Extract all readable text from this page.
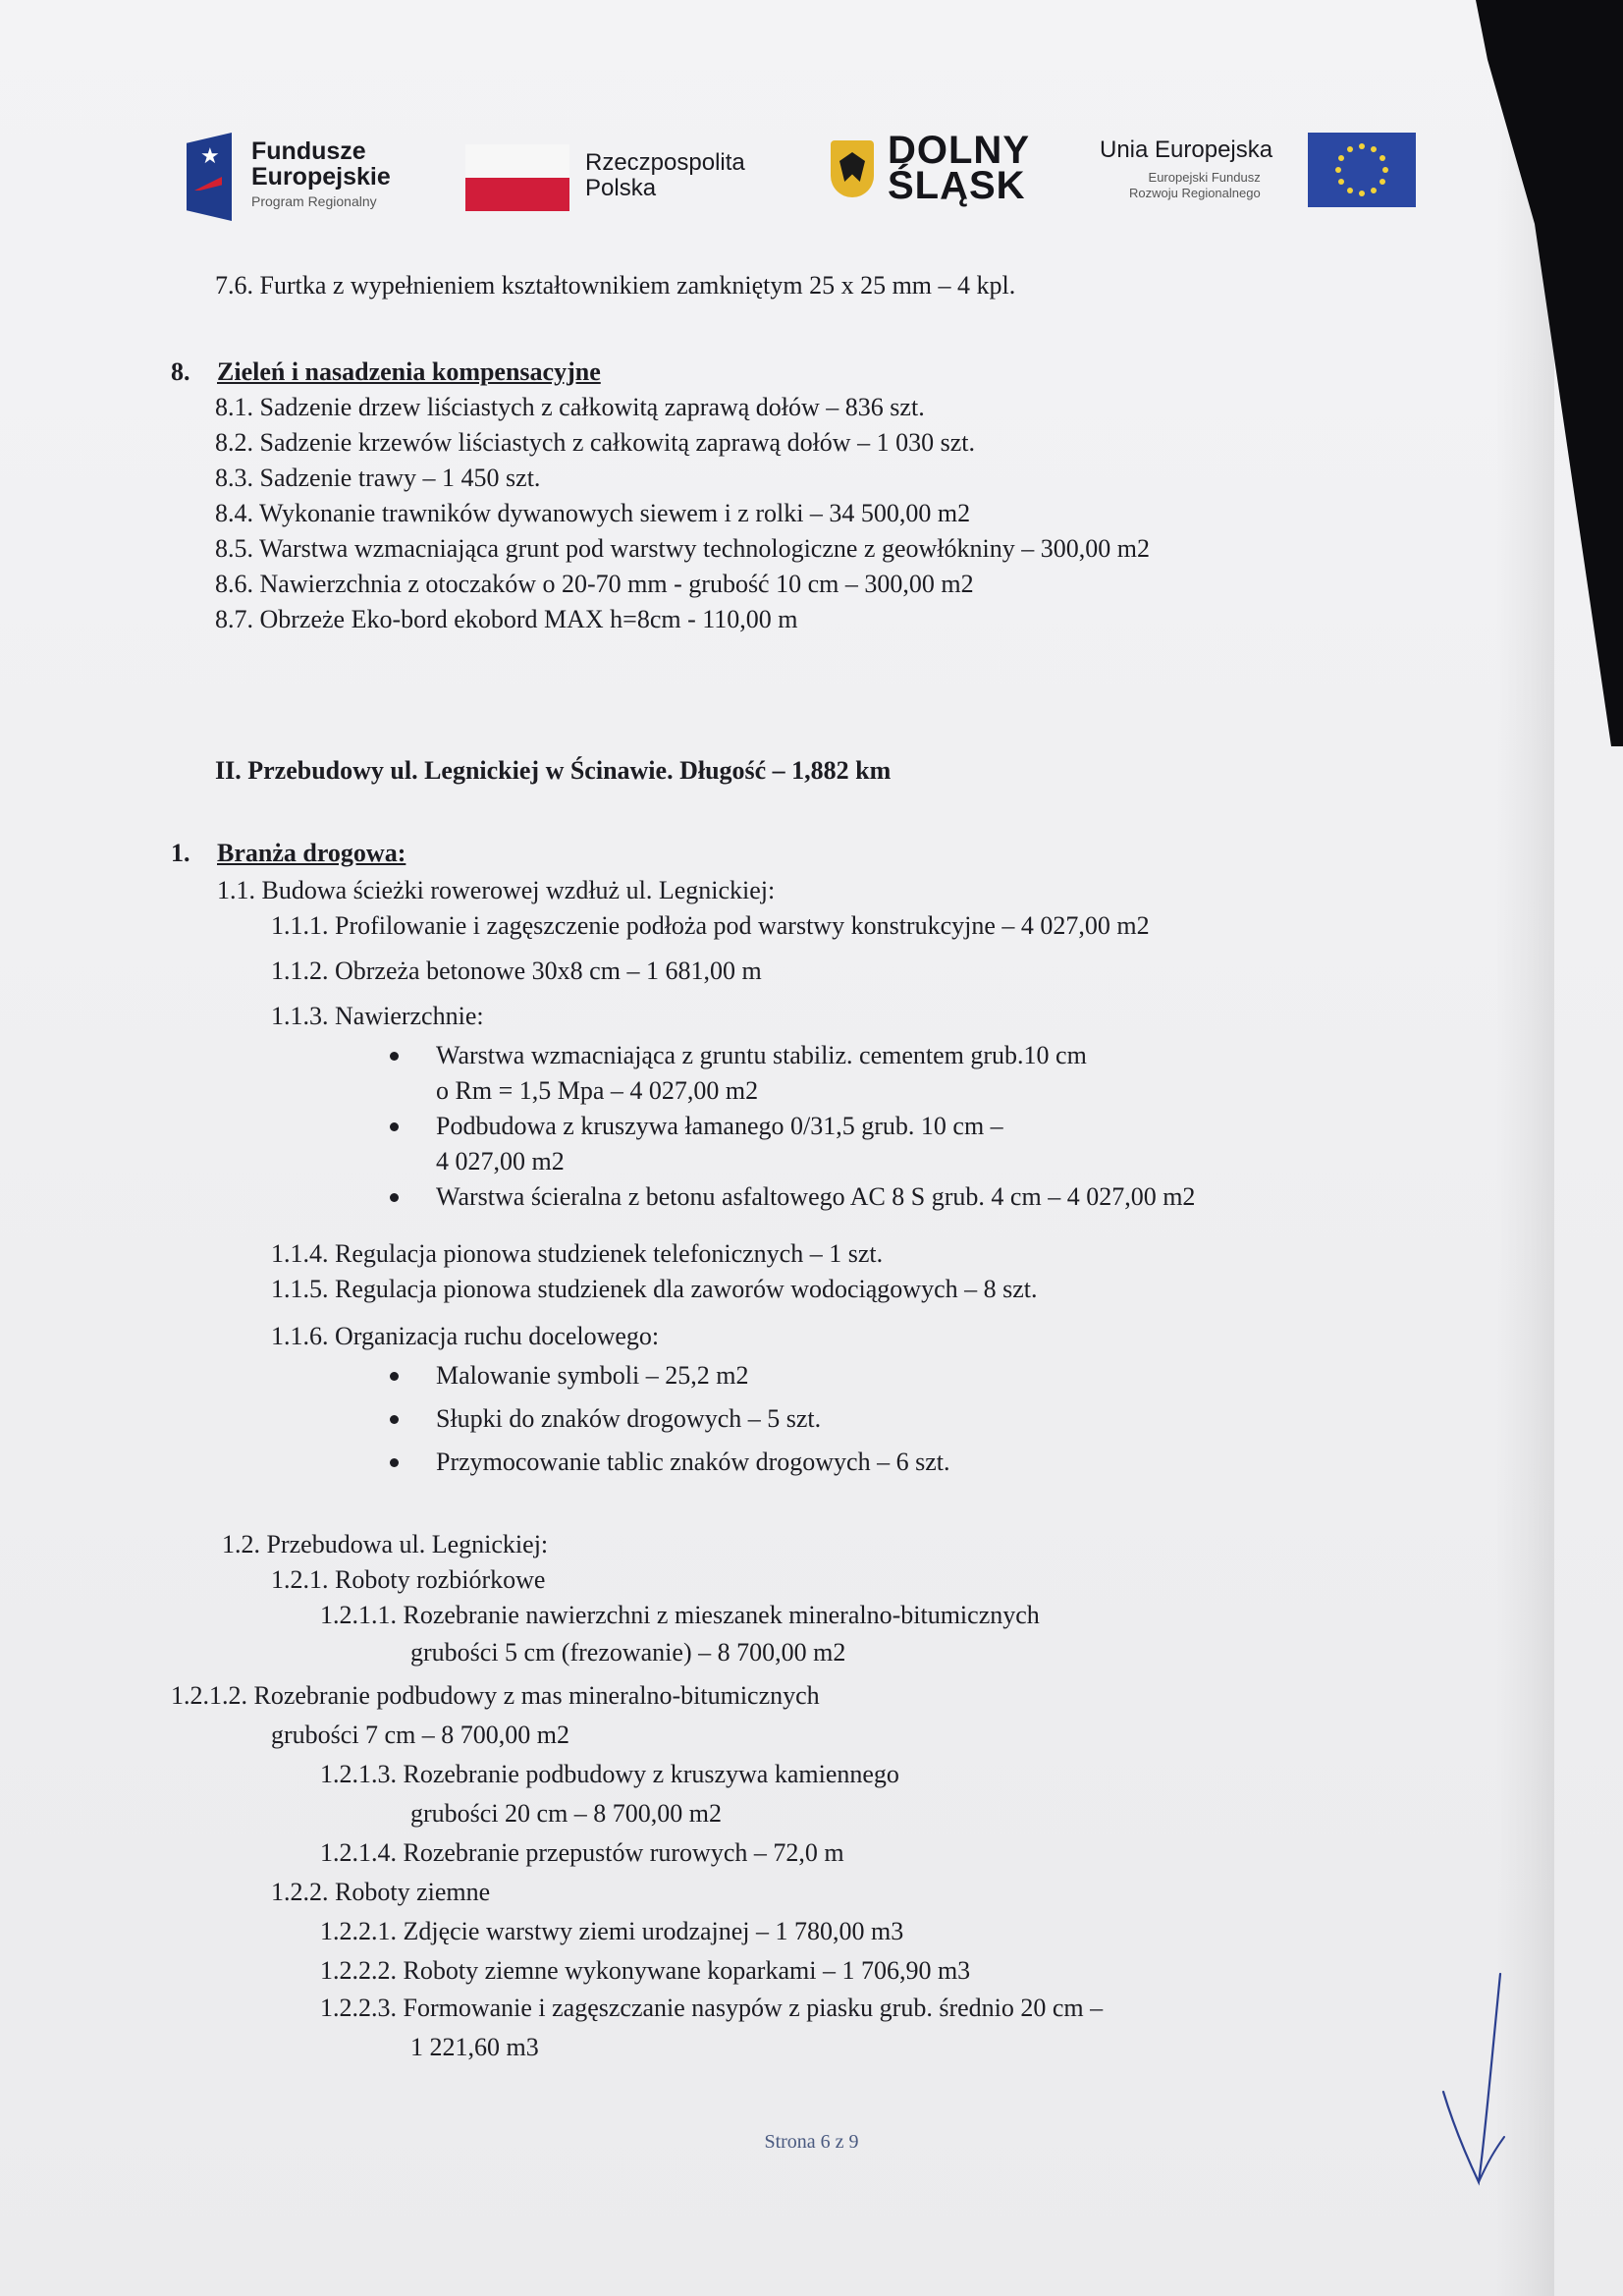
★ Fundusze
Europejskie
Program Regionalny
Rzeczpospolita
Polska
DOLNY
ŚLĄSK
Unia Europejska
Europejski Fundusz
Rozwoju Regionalnego
7.6. Furtka z wypełnieniem kształtownikiem zamkniętym 25 x 25 mm – 4 kpl.
8. Zieleń i nasadzenia kompensacyjne
8.1. Sadzenie drzew liściastych z całkowitą zaprawą dołów – 836 szt.
8.2. Sadzenie krzewów liściastych z całkowitą zaprawą dołów – 1 030 szt.
8.3. Sadzenie trawy – 1 450 szt.
8.4. Wykonanie trawników dywanowych siewem i z rolki – 34 500,00 m2
8.5. Warstwa wzmacniająca grunt pod warstwy technologiczne z geowłókniny – 300,00 m2
8.6. Nawierzchnia z otoczaków o 20-70 mm - grubość 10 cm – 300,00 m2
8.7. Obrzeże Eko-bord ekobord MAX h=8cm - 110,00 m
II. Przebudowy ul. Legnickiej w Ścinawie. Długość – 1,882 km
1. Branża drogowa:
1.1. Budowa ścieżki rowerowej wzdłuż ul. Legnickiej:
1.1.1. Profilowanie i zagęszczenie podłoża pod warstwy konstrukcyjne – 4 027,00 m2
1.1.2. Obrzeża betonowe 30x8 cm – 1 681,00 m
1.1.3. Nawierzchnie:
Warstwa wzmacniająca z gruntu stabiliz. cementem grub.10 cm
o Rm = 1,5 Mpa – 4 027,00 m2
Podbudowa z kruszywa łamanego 0/31,5 grub. 10 cm –
4 027,00 m2
Warstwa ścieralna z betonu asfaltowego AC 8 S grub. 4 cm – 4 027,00 m2
1.1.4. Regulacja pionowa studzienek telefonicznych – 1 szt.
1.1.5. Regulacja pionowa studzienek dla zaworów wodociągowych – 8 szt.
1.1.6. Organizacja ruchu docelowego:
Malowanie symboli – 25,2 m2
Słupki do znaków drogowych – 5 szt.
Przymocowanie tablic znaków drogowych – 6 szt.
1.2. Przebudowa ul. Legnickiej:
1.2.1. Roboty rozbiórkowe
1.2.1.1. Rozebranie nawierzchni z mieszanek mineralno-bitumicznych
grubości 5 cm (frezowanie) – 8 700,00 m2
1.2.1.2. Rozebranie podbudowy z mas mineralno-bitumicznych
grubości 7 cm – 8 700,00 m2
1.2.1.3. Rozebranie podbudowy z kruszywa kamiennego
grubości 20 cm – 8 700,00 m2
1.2.1.4. Rozebranie przepustów rurowych – 72,0 m
1.2.2. Roboty ziemne
1.2.2.1. Zdjęcie warstwy ziemi urodzajnej – 1 780,00 m3
1.2.2.2. Roboty ziemne wykonywane koparkami – 1 706,90 m3
1.2.2.3. Formowanie i zagęszczanie nasypów z piasku grub. średnio 20 cm –
1 221,60 m3
Strona 6 z 9
